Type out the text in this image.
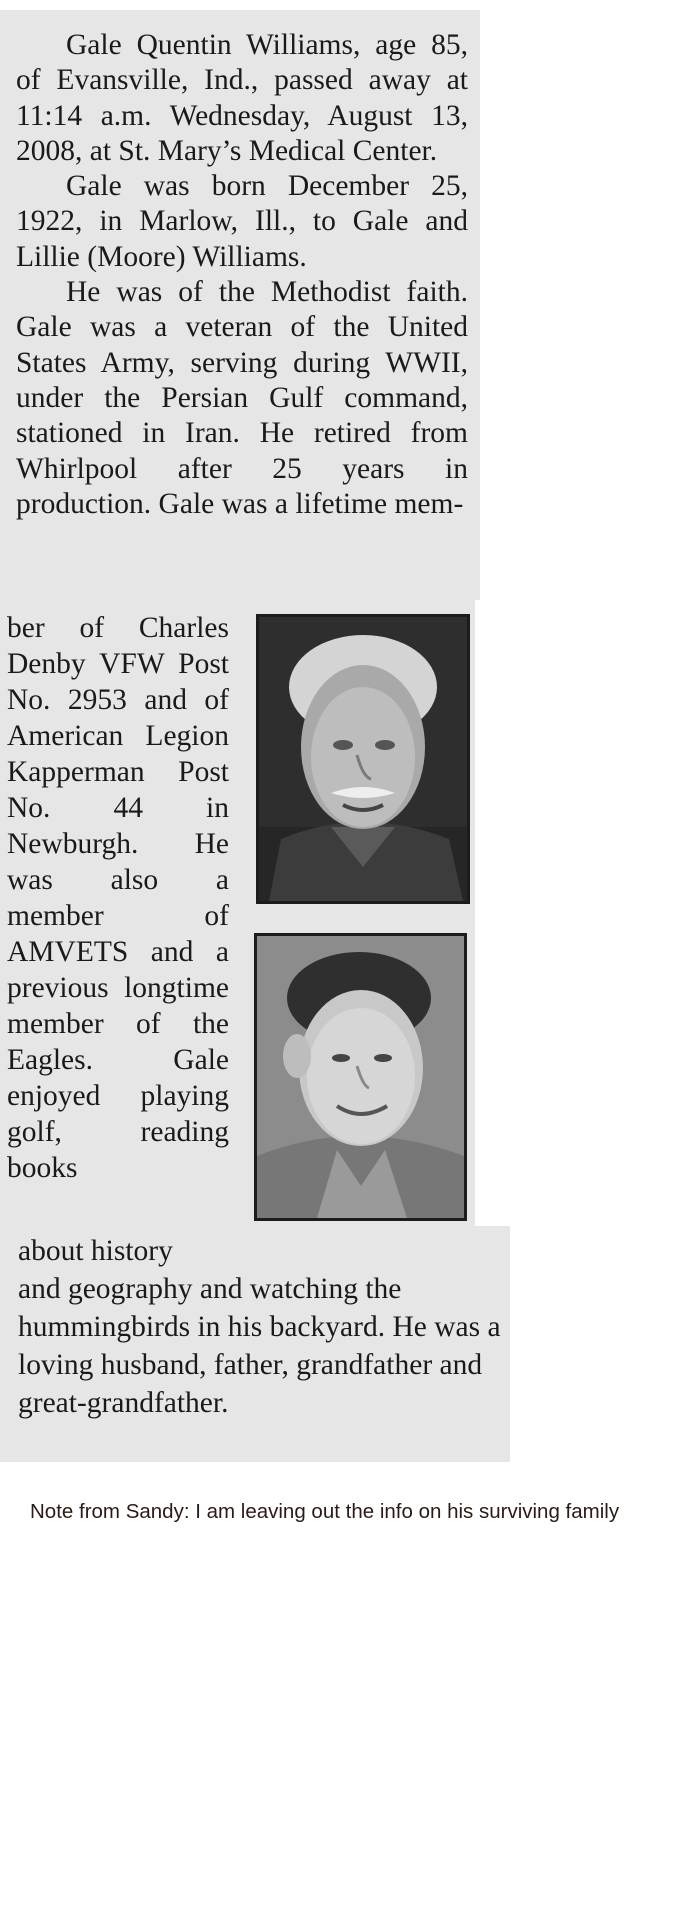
Gale Quentin Williams, age 85, of Evansville, Ind., passed away at 11:14 a.m. Wednesday, August 13, 2008, at St. Mary’s Medical Center.

Gale was born December 25, 1922, in Marlow, Ill., to Gale and Lillie (Moore) Williams.

He was of the Methodist faith. Gale was a veteran of the United States Army, serving during WWII, under the Persian Gulf command, stationed in Iran. He retired from Whirlpool after 25 years in production. Gale was a lifetime mem-

ber of Charles Denby VFW Post No. 2953 and of American Legion Kapperman Post No. 44 in Newburgh. He was also a member of AMVETS and a previous longtime member of the Eagles. Gale enjoyed playing golf, reading books

about history

and geography and watching the hummingbirds in his backyard. He was a loving husband, father, grandfather and great-grandfather.

Note from Sandy: I am leaving out the info on his surviving family
